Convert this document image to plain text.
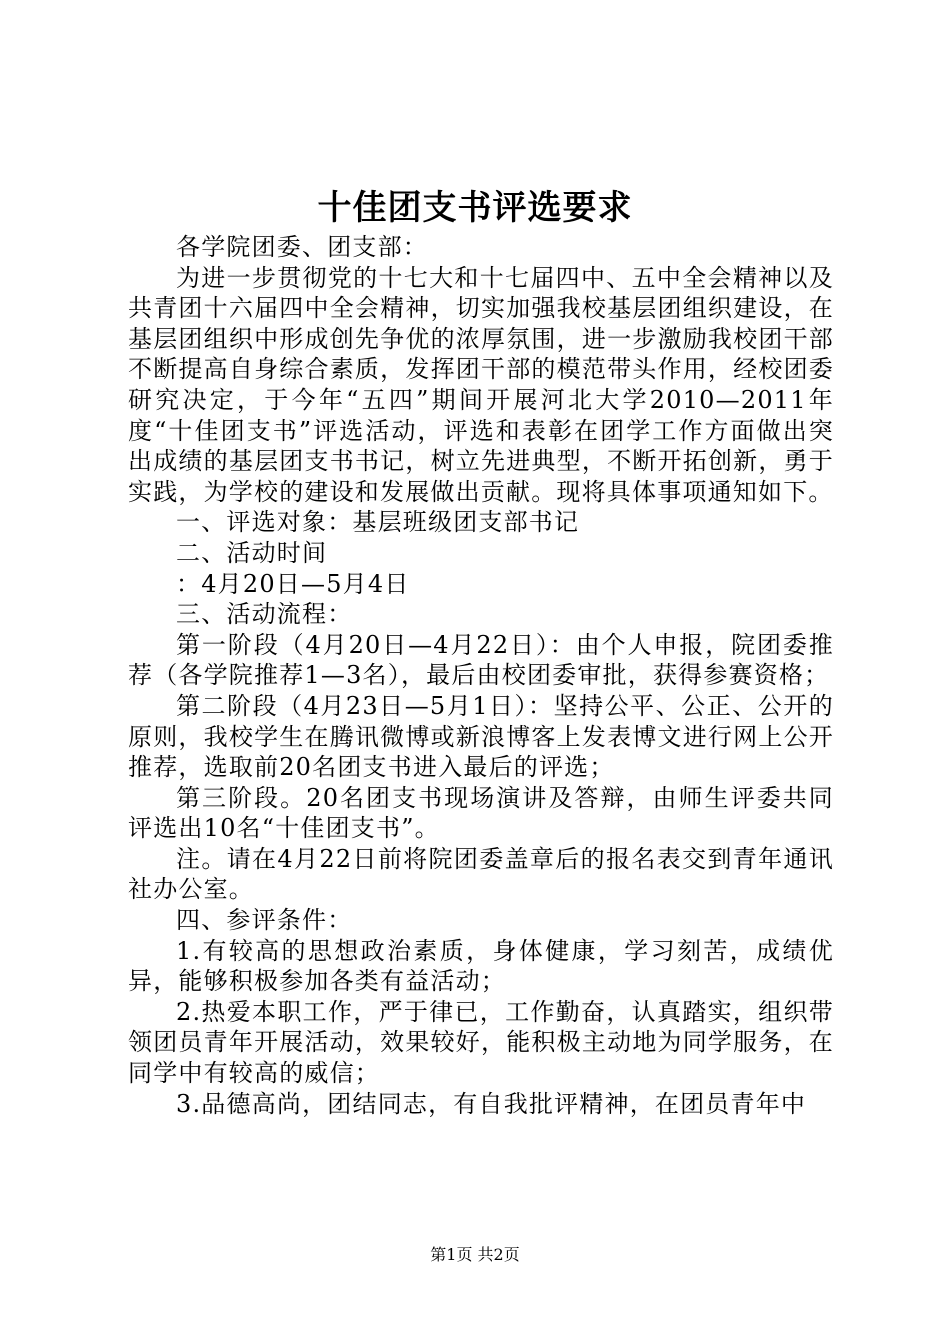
十佳团支书评选要求

各学院团委、团支部：

为进一步贯彻党的十七大和十七届四中、五中全会精神以及共青团十六届四中全会精神，切实加强我校基层团组织建设，在基层团组织中形成创先争优的浓厚氛围，进一步激励我校团干部不断提高自身综合素质，发挥团干部的模范带头作用，经校团委研究决定，于今年“五四”期间开展河北大学2010—2011年度“十佳团支书”评选活动，评选和表彰在团学工作方面做出突出成绩的基层团支书书记，树立先进典型，不断开拓创新，勇于实践，为学校的建设和发展做出贡献。现将具体事项通知如下。

一、评选对象：基层班级团支部书记

二、活动时间

：4月20日—5月4日

三、活动流程：

第一阶段（4月20日—4月22日）：由个人申报，院团委推荐（各学院推荐1—3名），最后由校团委审批，获得参赛资格；

第二阶段（4月23日—5月1日）：坚持公平、公正、公开的原则，我校学生在腾讯微博或新浪博客上发表博文进行网上公开推荐，选取前20名团支书进入最后的评选；

第三阶段。20名团支书现场演讲及答辩，由师生评委共同评选出10名“十佳团支书”。

注。请在4月22日前将院团委盖章后的报名表交到青年通讯社办公室。

四、参评条件：

1.有较高的思想政治素质，身体健康，学习刻苦，成绩优异，能够积极参加各类有益活动；

2.热爱本职工作，严于律已，工作勤奋，认真踏实，组织带领团员青年开展活动，效果较好，能积极主动地为同学服务，在同学中有较高的威信；

3.品德高尚，团结同志，有自我批评精神，在团员青年中

第1页 共2页
